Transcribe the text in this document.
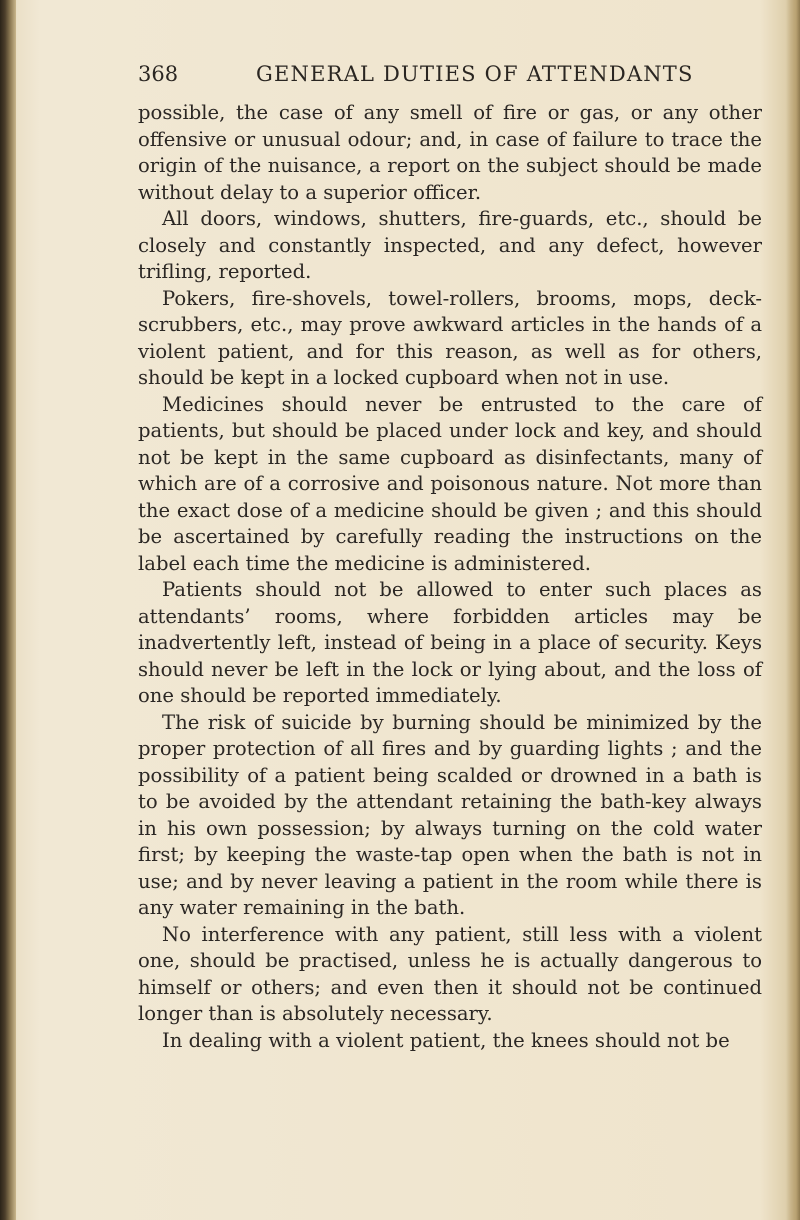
368	GENERAL DUTIES OF ATTENDANTS

possible, the case of any smell of fire or gas, or any other offensive or unusual odour; and, in case of failure to trace the origin of the nuisance, a report on the subject should be made without delay to a superior officer.

All doors, windows, shutters, fire-guards, etc., should be closely and constantly inspected, and any defect, however trifling, reported.

Pokers, fire-shovels, towel-rollers, brooms, mops, deck-scrubbers, etc., may prove awkward articles in the hands of a violent patient, and for this reason, as well as for others, should be kept in a locked cupboard when not in use.

Medicines should never be entrusted to the care of patients, but should be placed under lock and key, and should not be kept in the same cupboard as disinfectants, many of which are of a corrosive and poisonous nature. Not more than the exact dose of a medicine should be given ; and this should be ascertained by carefully reading the instructions on the label each time the medicine is administered.

Patients should not be allowed to enter such places as attendants’ rooms, where forbidden articles may be inadvertently left, instead of being in a place of security. Keys should never be left in the lock or lying about, and the loss of one should be reported immediately.

The risk of suicide by burning should be minimized by the proper protection of all fires and by guarding lights ; and the possibility of a patient being scalded or drowned in a bath is to be avoided by the attendant retaining the bath-key always in his own possession; by always turning on the cold water first; by keeping the waste-tap open when the bath is not in use; and by never leaving a patient in the room while there is any water remaining in the bath.

No interference with any patient, still less with a violent one, should be practised, unless he is actually dangerous to himself or others; and even then it should not be continued longer than is absolutely necessary.

In dealing with a violent patient, the knees should not be
